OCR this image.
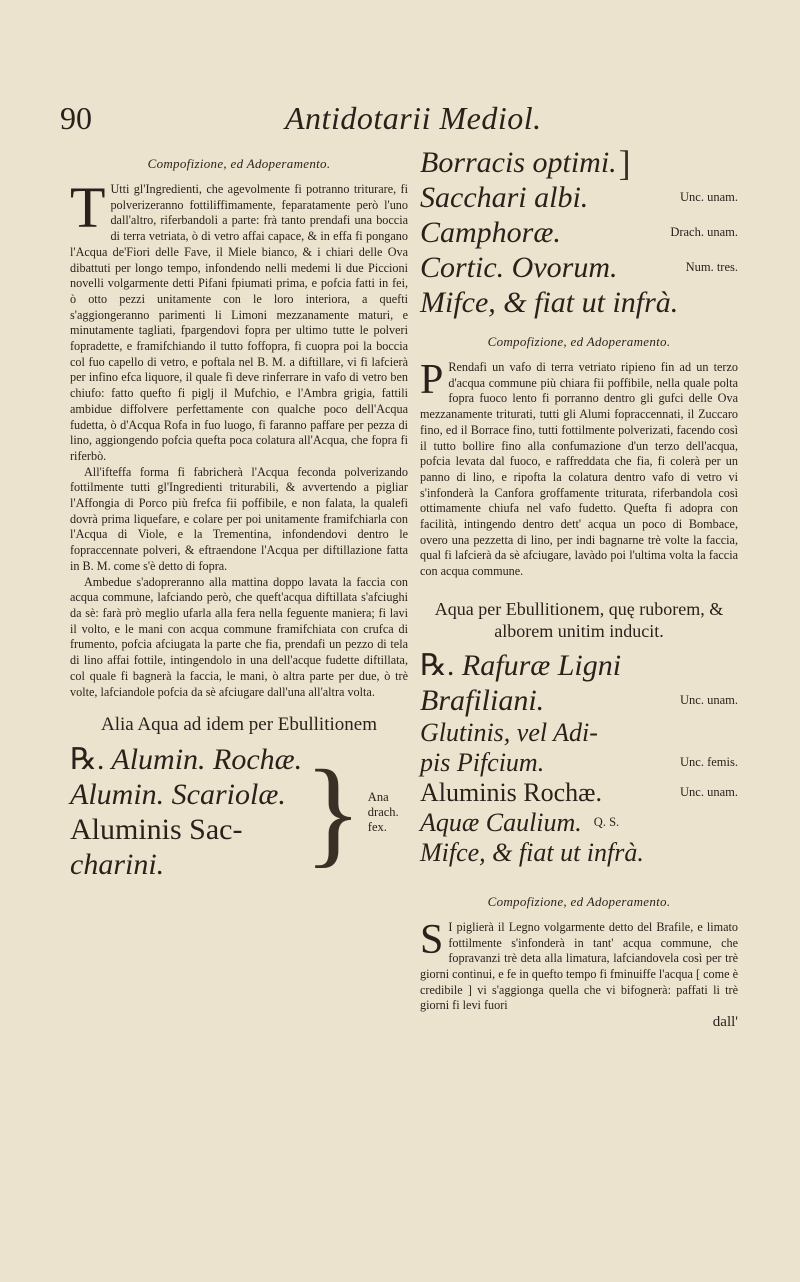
90	Antidotarii Mediol.
Compofizione, ed Adoperamento.

T Utti gl'Ingredienti, che agevolmente fi potranno triturare, fi polverizeranno fottiliffimamente, feparatamente però l'uno dall'altro, riferbandoli a parte: frà tanto prendafi una boccia di terra vetriata, ò di vetro affai capace, & in effa fi pongano l'Acqua de'Fiori delle Fave, il Miele bianco, & i chiari delle Ova dibattuti per longo tempo, infondendo nelli medemi li due Piccioni novelli volgarmente detti Pifani fpiumati prima, e pofcia fatti in fei, ò otto pezzi unitamente con le loro interiora, a quefti s'aggiongeranno parimenti li Limoni mezzanamente maturi, e minutamente tagliati, fpargendovi fopra per ultimo tutte le polveri fopradette, e framifchiando il tutto foffopra, fi cuopra poi la boccia col fuo capello di vetro, e poftala nel B. M. a diftillare, vi fi lafcierà per infino efca liquore, il quale fi deve rinferrare in vafo di vetro ben chiufo: fatto quefto fi piglj il Mufchio, e l'Ambra grigia, fattili ambidue diffolvere perfettamente con qualche poco dell'Acqua fudetta, ò d'Acqua Rofa in fuo luogo, fi faranno paffare per pezza di lino, aggiongendo pofcia quefta poca colatura all'Acqua, che fopra fi riferbò.

All'ifteffa forma fi fabricherà l'Acqua feconda polverizando fottilmente tutti gl'Ingredienti triturabili, & avvertendo a pigliar l'Affongia di Porco più frefca fii poffibile, e non falata, la qualefi dovrà prima liquefare, e colare per poi unitamente framifchiarla con l'Acqua di Viole, e la Trementina, infondendovi dentro le fopraccennate polveri, & eftraendone l'Acqua per diftillazione fatta in B. M. come s'è detto di fopra.

Ambedue s'adopreranno alla mattina doppo lavata la faccia con acqua commune, lafciando però, che queft'acqua diftillata s'afciughi da sè: farà prò meglio ufarla alla fera nella feguente maniera; fi lavi il volto, e le mani con acqua commune framifchiata con crufca di frumento, pofcia afciugata la parte che fia, prendafi un pezzo di tela di lino affai fottile, intingendolo in una dell'acque fudette diftillata, col quale fi bagnerà la faccia, le mani, ò altra parte per due, ò trè volte, lafciandole pofcia da sè afciugare dall'una all'altra volta.

Alia Aqua ad idem per Ebullitionem
℞. Alumin. Rochæ.
Alumin. Scariolæ.
Aluminis Sac-
charini.	} Ana drach. fex.
Borracis optimi. ]
Sacchari albi.	Unc. unam.
Camphoræ.	Drach. unam.
Cortic. Ovorum.	Num. tres.
Mifce, & fiat ut infrà.
Compofizione, ed Adoperamento.

P Rendafi un vafo di terra vetriato ripieno fin ad un terzo d'acqua commune più chiara fii poffibile, nella quale polta fopra fuoco lento fi porranno dentro gli gufci delle Ova mezzanamente triturati, tutti gli Alumi fopraccennati, il Zuccaro fino, ed il Borrace fino, tutti fottilmente polverizati, facendo così il tutto bollire fino alla confumazione d'un terzo dell'acqua, pofcia levata dal fuoco, e raffreddata che fia, fi colerà per un panno di lino, e ripofta la colatura dentro vafo di vetro vi s'infonderà la Canfora groffamente triturata, riferbandola così ottimamente chiufa nel vafo fudetto. Quefta fi adopra con facilità, intingendo dentro dett' acqua un poco di Bombace, overo una pezzetta di lino, per indi bagnarne trè volte la faccia, qual fi lafcierà da sè afciugare, lavàdo poi l'ultima volta la faccia con acqua commune.

Aqua per Ebullitionem, quę ruborem, & alborem unitim inducit.
℞. Rafuræ Ligni
Brafiliani.	Unc. unam.
Glutinis, vel Adi-
pis Pifcium.	Unc. femis.
Aluminis Rochæ.	Unc. unam.
Aquæ Caulium. Q. S.
Mifce, & fiat ut infrà.
Compofizione, ed Adoperamento.

S I piglierà il Legno volgarmente detto del Brafile, e limato fottilmente s'infonderà in tant' acqua commune, che fopravanzi trè deta alla limatura, lafciandovela così per trè giorni continui, e fe in quefto tempo fi fminuiffe l'acqua [ come è credibile ] vi s'aggionga quella che vi bifognerà: paffati li trè giorni fi levi fuori

dall'
